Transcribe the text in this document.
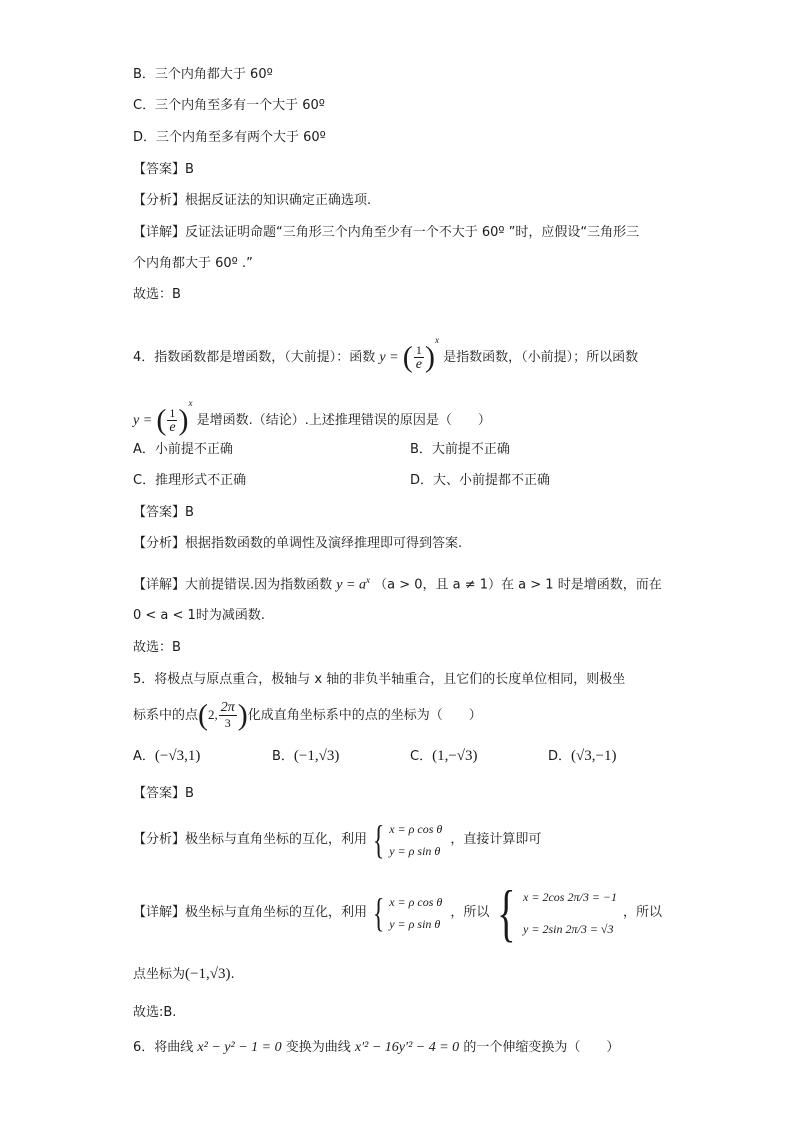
B．三个内角都大于 60º
C．三个内角至多有一个大于 60º
D．三个内角至多有两个大于 60º
【答案】B
【分析】根据反证法的知识确定正确选项.
【详解】反证法证明命题“三角形三个内角至少有一个不大于 60º ”时，应假设“三角形三
个内角都大于 60º .”
故选：B
4．指数函数都是增函数，（大前提）：函数 y = ( $\frac{1}{e} )^x$ 是指数函数，（小前提）；所以函数
y = ( $\frac{1}{e} )^x$ 是增函数.（结论）.上述推理错误的原因是（　　）
A．小前提不正确	B．大前提不正确
C．推理形式不正确	D．大、小前提都不正确
【答案】B
【分析】根据指数函数的单调性及演绎推理即可得到答案.
【详解】大前提错误.因为指数函数 $y = a^x$ （a > 0，且 a ≠ 1）在 a > 1 时是增函数，而在
0 < a < 1时为减函数.
故选：B
5．将极点与原点重合，极轴与 x 轴的非负半轴重合，且它们的长度单位相同，则极坐
标系中的点(2, $\frac{2\pi}{3}$ )化成直角坐标系中的点的坐标为（　　）
A．(−√3,1)	B．(−1,√3)	C．(1,−√3)	D．(√3,−1)
【答案】B
【分析】 极坐标与直角坐标的互化，利用 { x = ρ cos θ
y = ρ sin θ
，直接计算即可
【详解】 极坐标与直角坐标的互化，利用 { x = ρ cos θ
y = ρ sin θ
，所以 { x = 2cos 2π/3 = −1
y = 2sin 2π/3 = √3
，所以
点坐标为(−1,√3).
故选:B.
6．将曲线 x² − y² − 1 = 0 变换为曲线 x′² − 16y′² − 4 = 0 的一个伸缩变换为（　　）
